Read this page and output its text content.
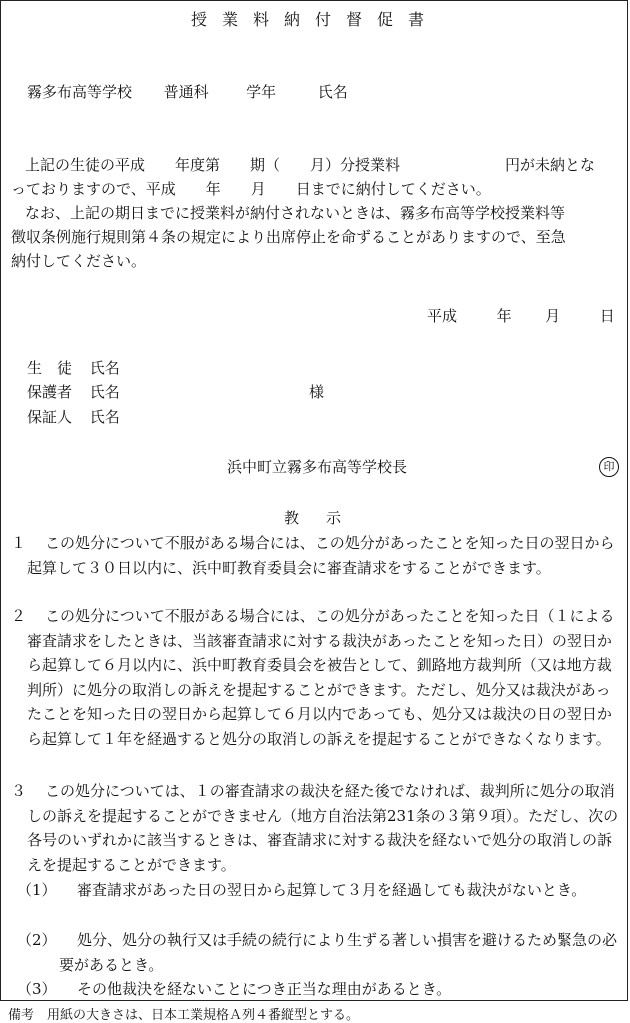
授業料納付督促書
霧多布高等学校 普通科	学年	氏名

上記の生徒の平成　　年度第　　期（　　月）分授業料　　　　　　　円が未納とな

っておりますので、平成　　年　　月　　日までに納付してください。

なお、上記の期日までに授業料が納付されないときは、霧多布高等学校授業料等

徴収条例施行規則第４条の規定により出席停止を命ずることがありますので、至急

納付してください。

平成	年 月	日
生　徒 氏名
保護者 氏名	様
保証人 氏名
浜中町立霧多布高等学校長	印
教　示
１	この処分について不服がある場合には、この処分があったことを知った日の翌日から起算して３０日以内に、浜中町教育委員会に審査請求をすることができます。
２	この処分について不服がある場合には、この処分があったことを知った日（１による審査請求をしたときは、当該審査請求に対する裁決があったことを知った日）の翌日から起算して６月以内に、浜中町教育委員会を被告として、釧路地方裁判所（又は地方裁判所）に処分の取消しの訴えを提起することができます。ただし、処分又は裁決があったことを知った日の翌日から起算して６月以内であっても、処分又は裁決の日の翌日から起算して１年を経過すると処分の取消しの訴えを提起することができなくなります。
３	この処分については、１の審査請求の裁決を経た後でなければ、裁判所に処分の取消しの訴えを提起することができません（地方自治法第231条の３第９項）。ただし、次の各号のいずれかに該当するときは、審査請求に対する裁決を経ないで処分の取消しの訴えを提起することができます。
（1）	審査請求があった日の翌日から起算して３月を経過しても裁決がないとき。
（2）	処分、処分の執行又は手続の続行により生ずる著しい損害を避けるため緊急の必要があるとき。
（3）	その他裁決を経ないことにつき正当な理由があるとき。
備考　用紙の大きさは、日本工業規格Ａ列４番縦型とする。
